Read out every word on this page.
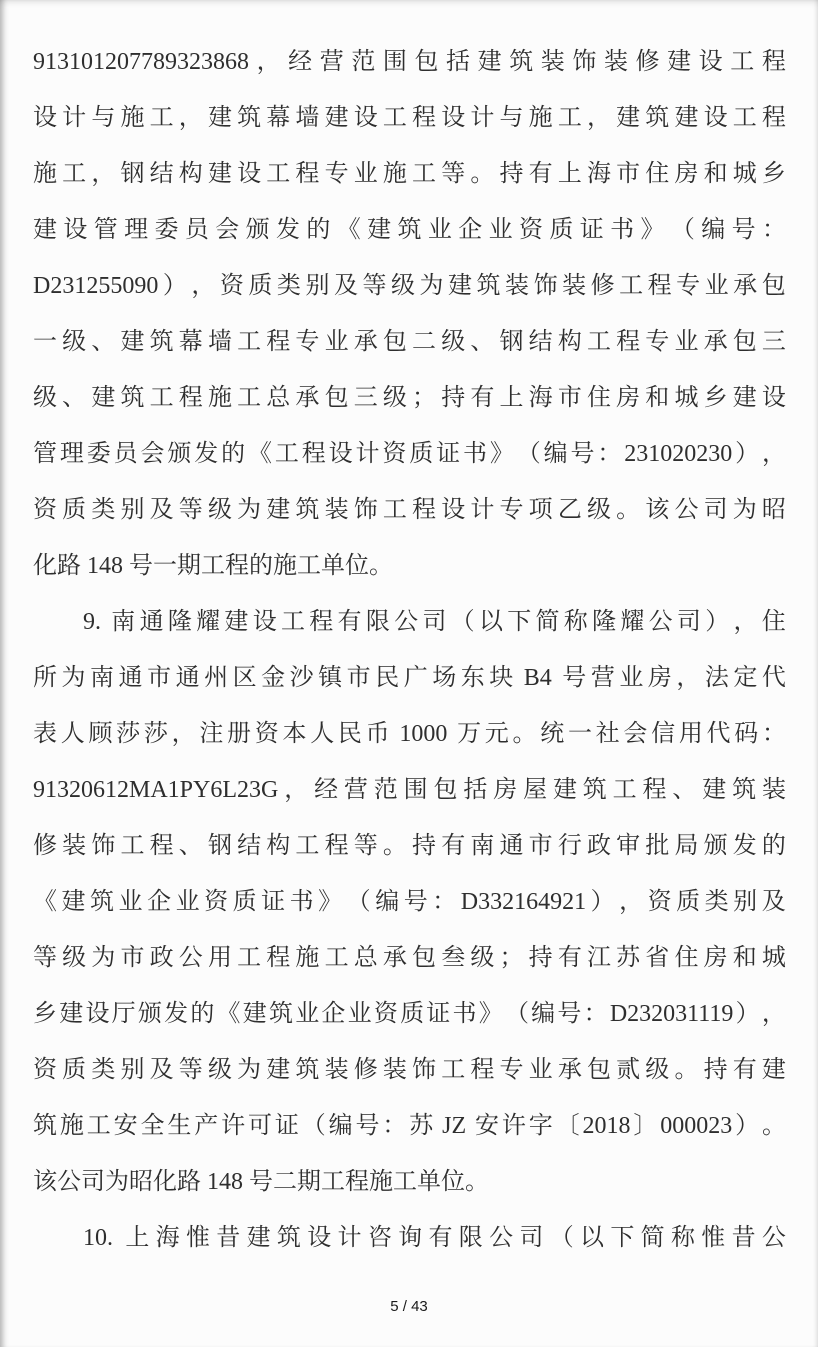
913101207789323868 ， 经 营 范 围 包 括 建 筑 装 饰 装 修 建 设 工 程
设 计 与 施 工 ， 建 筑 幕 墙 建 设 工 程 设 计 与 施 工 ， 建 筑 建 设 工 程
施 工 ， 钢 结 构 建 设 工 程 专 业 施 工 等 。 持 有 上 海 市 住 房 和 城 乡
建 设 管 理 委 员 会 颁 发 的 《 建 筑 业 企 业 资 质 证 书 》 （ 编 号 ：
D231255090 ） ， 资 质 类 别 及 等 级 为 建 筑 装 饰 装 修 工 程 专 业 承 包
一 级 、 建 筑 幕 墙 工 程 专 业 承 包 二 级 、 钢 结 构 工 程 专 业 承 包 三
级 、 建 筑 工 程 施 工 总 承 包 三 级 ； 持 有 上 海 市 住 房 和 城 乡 建 设
管 理 委 员 会 颁 发 的 《 工 程 设 计 资 质 证 书 》 （ 编 号 ： 231020230 ） ，
资 质 类 别 及 等 级 为 建 筑 装 饰 工 程 设 计 专 项 乙 级 。 该 公 司 为 昭
化 路 148 号 一 期 工 程 的 施 工 单 位 。
9. 南 通 隆 耀 建 设 工 程 有 限 公 司 （ 以 下 简 称 隆 耀 公 司 ） ， 住
所 为 南 通 市 通 州 区 金 沙 镇 市 民 广 场 东 块 B4 号 营 业 房 ， 法 定 代
表 人 顾 莎 莎 ， 注 册 资 本 人 民 币 1000 万 元 。 统 一 社 会 信 用 代 码 ：
91320612MA1PY6L23G ， 经 营 范 围 包 括 房 屋 建 筑 工 程 、 建 筑 装
修 装 饰 工 程 、 钢 结 构 工 程 等 。 持 有 南 通 市 行 政 审 批 局 颁 发 的
《 建 筑 业 企 业 资 质 证 书 》 （ 编 号 ： D332164921 ） ， 资 质 类 别 及
等 级 为 市 政 公 用 工 程 施 工 总 承 包 叁 级 ； 持 有 江 苏 省 住 房 和 城
乡 建 设 厅 颁 发 的 《 建 筑 业 企 业 资 质 证 书 》 （ 编 号 ： D232031119 ） ，
资 质 类 别 及 等 级 为 建 筑 装 修 装 饰 工 程 专 业 承 包 贰 级 。 持 有 建
筑 施 工 安 全 生 产 许 可 证 （ 编 号 ： 苏 JZ 安 许 字 〔 2018 〕 000023 ） 。
该 公 司 为 昭 化 路 148 号 二 期 工 程 施 工 单 位 。
10. 上 海 惟 昔 建 筑 设 计 咨 询 有 限 公 司 （ 以 下 简 称 惟 昔 公
5 / 43
